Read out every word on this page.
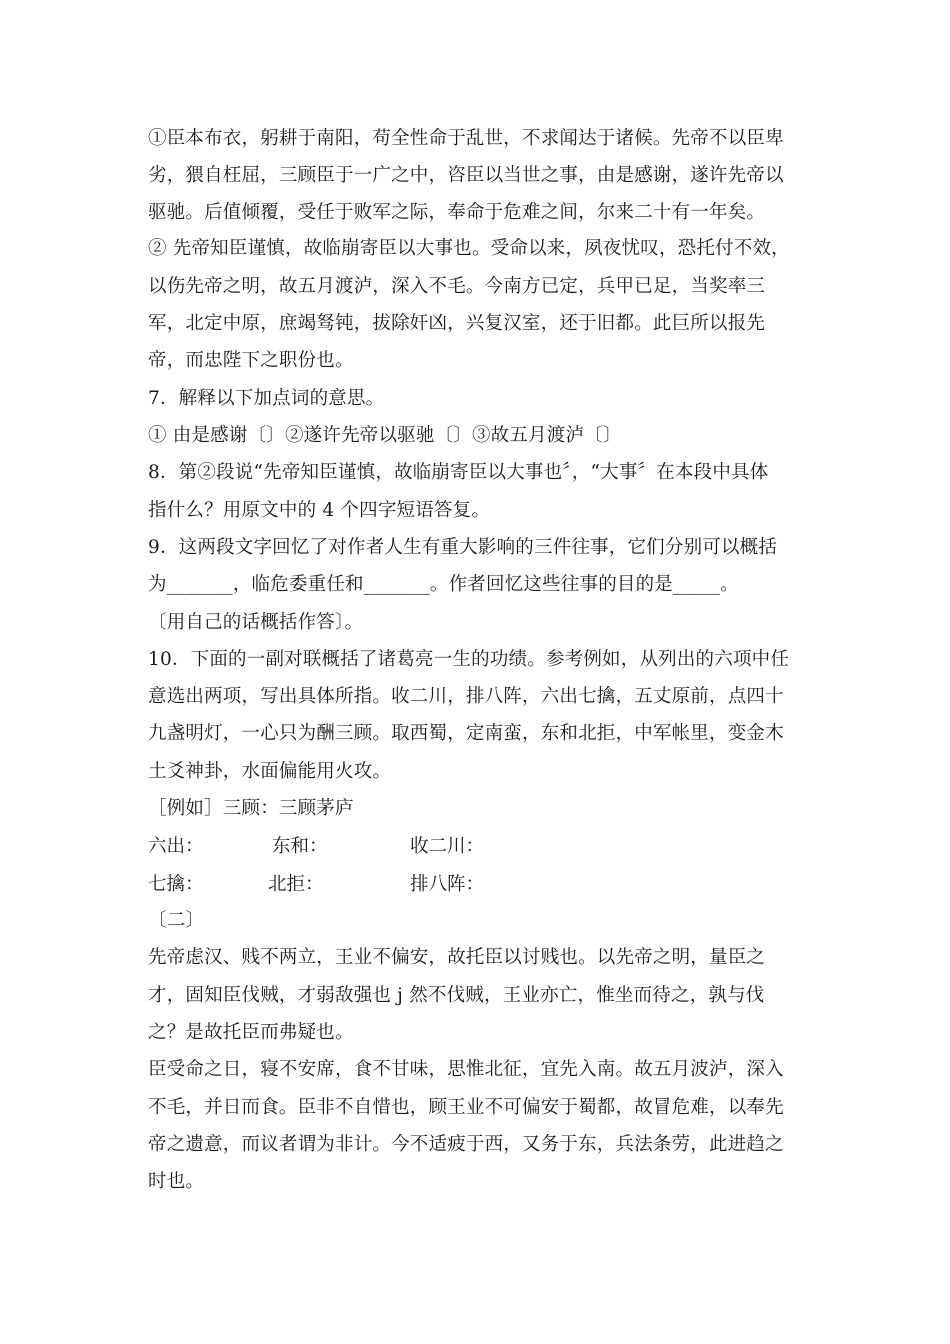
①臣本布衣，躬耕于南阳，苟全性命于乱世，不求闻达于诸候。先帝不以臣卑
劣，猥自枉屈，三顾臣于一广之中，咨臣以当世之事，由是感谢，遂许先帝以
驱驰。后值倾覆，受任于败军之际，奉命于危难之间，尔来二十有一年矣。
② 先帝知臣谨慎，故临崩寄臣以大事也。受命以来，夙夜忧叹，恐托付不效，
以伤先帝之明，故五月渡泸，深入不毛。今南方已定，兵甲已足，当奖率三
军，北定中原，庶竭驽钝，拔除奸凶，兴复汉室，还于旧都。此巨所以报先
帝，而忠陛下之职份也。
7．解释以下加点词的意思。
① 由是感谢〔〕②遂许先帝以驱驰〔〕③故五月渡泸〔〕
8．第②段说“先帝知臣谨慎，故临崩寄臣以大事也〞，“大事〞在本段中具体
指什么？用原文中的 4 个四字短语答复。
9．这两段文字回忆了对作者人生有重大影响的三件往事，它们分别可以概括
为_______，临危委重任和_______。作者回忆这些往事的目的是_____。
〔用自己的话概括作答〕。
10．下面的一副对联概括了诸葛亮一生的功绩。参考例如，从列出的六项中任
意选出两项，写出具体所指。收二川，排八阵，六出七擒，五丈原前，点四十
九盏明灯，一心只为酬三顾。取西蜀，定南蛮，东和北拒，中军帐里，变金木
土爻神卦，水面偏能用火攻。
［例如］三顾：三顾茅庐
六出：	东和：	收二川：
七擒：	北拒：	排八阵：
〔二〕
先帝虑汉、贱不两立，王业不偏安，故托臣以讨贱也。以先帝之明，量臣之
才，固知臣伐贼，才弱敌强也 j 然不伐贼，王业亦亡，惟坐而待之，孰与伐
之？是故托臣而弗疑也。
臣受命之日，寝不安席，食不甘味，思惟北征，宜先入南。故五月波泸，深入
不毛，并日而食。臣非不自惜也，顾王业不可偏安于蜀都，故冒危难，以奉先
帝之遗意，而议者谓为非计。今不适疲于西，又务于东，兵法条劳，此进趋之
时也。
